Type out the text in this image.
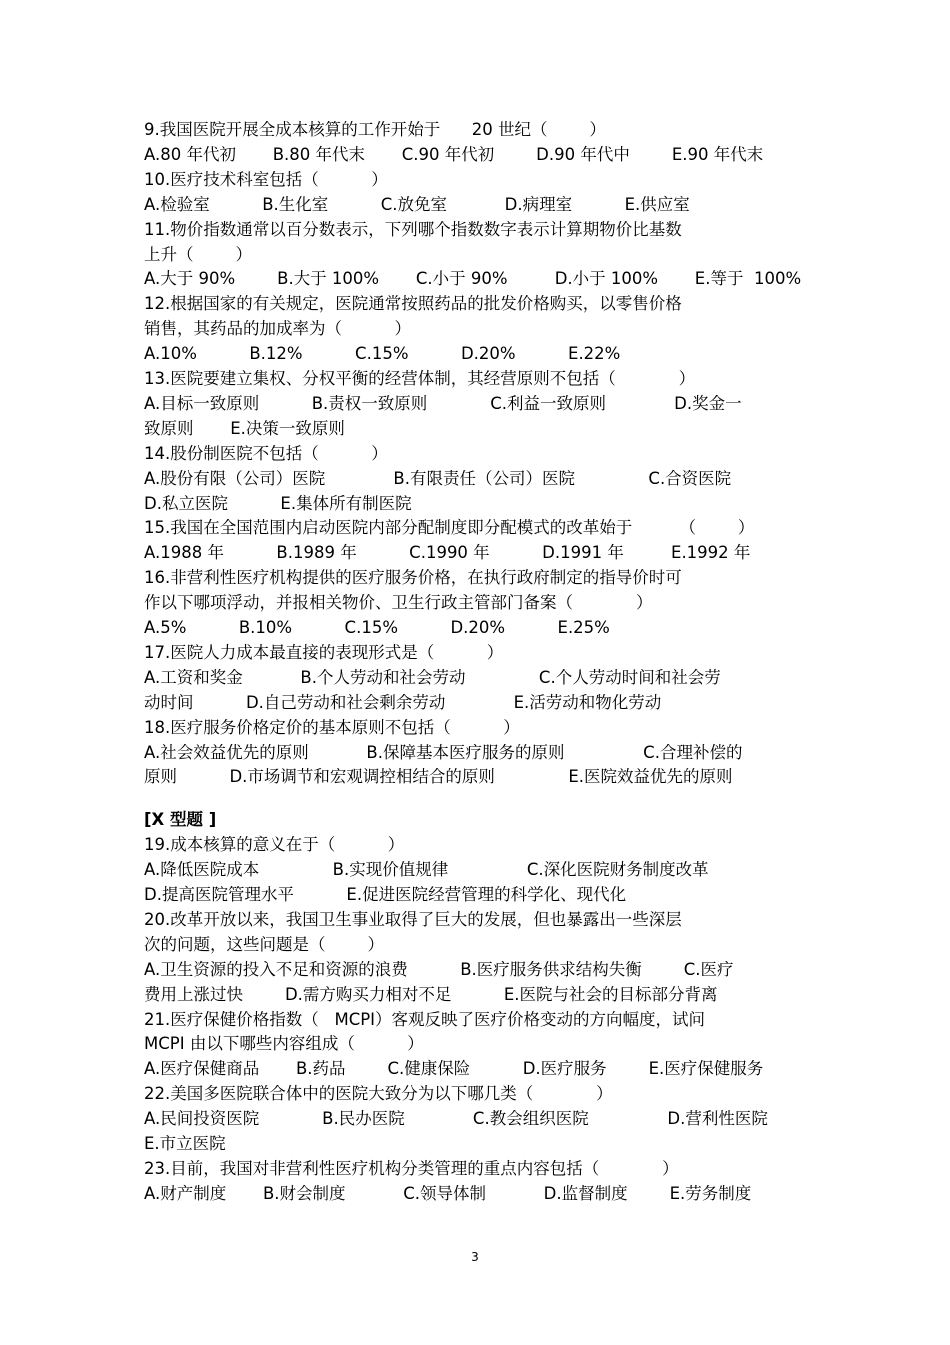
9.我国医院开展全成本核算的工作开始于      20 世纪（        ）
A.80 年代初       B.80 年代末       C.90 年代初        D.90 年代中        E.90 年代末
10.医疗技术科室包括（          ）
A.检验室          B.生化室          C.放免室           D.病理室          E.供应室
11.物价指数通常以百分数表示，下列哪个指数数字表示计算期物价比基数
上升（        ）
A.大于 90%        B.大于 100%       C.小于 90%         D.小于 100%       E.等于  100%
12.根据国家的有关规定，医院通常按照药品的批发价格购买，以零售价格
销售，其药品的加成率为（          ）
A.10%          B.12%          C.15%          D.20%          E.22%
13.医院要建立集权、分权平衡的经营体制，其经营原则不包括（            ）
A.目标一致原则          B.责权一致原则            C.利益一致原则             D.奖金一
致原则       E.决策一致原则
14.股份制医院不包括（          ）
A.股份有限（公司）医院             B.有限责任（公司）医院              C.合资医院
D.私立医院          E.集体所有制医院
15.我国在全国范围内启动医院内部分配制度即分配模式的改革始于         （        ）
A.1988 年          B.1989 年          C.1990 年          D.1991 年         E.1992 年
16.非营利性医疗机构提供的医疗服务价格，在执行政府制定的指导价时可
作以下哪项浮动，并报相关物价、卫生行政主管部门备案（            ）
A.5%          B.10%          C.15%          D.20%          E.25%
17.医院人力成本最直接的表现形式是（          ）
A.工资和奖金           B.个人劳动和社会劳动              C.个人劳动时间和社会劳
动时间          D.自己劳动和社会剩余劳动             E.活劳动和物化劳动
18.医疗服务价格定价的基本原则不包括（          ）
A.社会效益优先的原则           B.保障基本医疗服务的原则               C.合理补偿的
原则          D.市场调节和宏观调控相结合的原则              E.医院效益优先的原则
[X 型题 ]
19.成本核算的意义在于（          ）
A.降低医院成本              B.实现价值规律               C.深化医院财务制度改革
D.提高医院管理水平          E.促进医院经营管理的科学化、现代化
20.改革开放以来，我国卫生事业取得了巨大的发展，但也暴露出一些深层
次的问题，这些问题是（        ）
A.卫生资源的投入不足和资源的浪费          B.医疗服务供求结构失衡        C.医疗
费用上涨过快        D.需方购买力相对不足          E.医院与社会的目标部分背离
21.医疗保健价格指数（   MCPI）客观反映了医疗价格变动的方向幅度，试问
MCPI 由以下哪些内容组成（          ）
A.医疗保健商品       B.药品        C.健康保险          D.医疗服务        E.医疗保健服务
22.美国多医院联合体中的医院大致分为以下哪几类（            ）
A.民间投资医院            B.民办医院             C.教会组织医院               D.营利性医院
E.市立医院
23.目前，我国对非营利性医疗机构分类管理的重点内容包括（            ）
A.财产制度       B.财会制度           C.领导体制           D.监督制度        E.劳务制度
3
